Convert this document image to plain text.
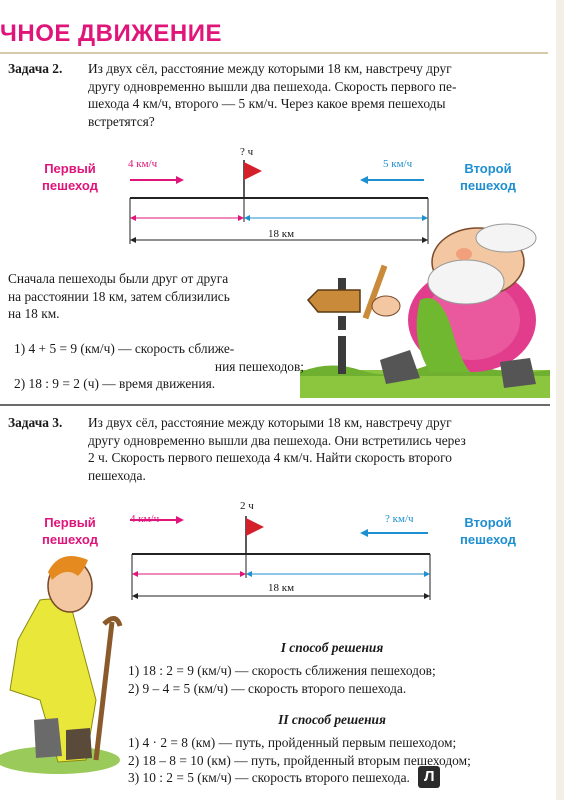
ЧНОЕ ДВИЖЕНИЕ
Задача 2. Из двух сёл, расстояние между которыми 18 км, навстречу друг
другу одновременно вышли два пешехода. Скорость первого пе-
шехода 4 км/ч, второго — 5 км/ч. Через какое время пешеходы
встретятся?
Первый
пешеход
Второй
пешеход
4 км/ч	5 км/ч
? ч
18 км
Л
Сначала пешеходы были друг от друга
на расстоянии 18 км, затем сблизились
на 18 км.
1) 4 + 5 = 9 (км/ч) — скорость сближе-
ния пешеходов;
2) 18 : 9 = 2 (ч) — время движения.
Задача 3. Из двух сёл, расстояние между которыми 18 км, навстречу друг
другу одновременно вышли два пешехода. Они встретились через
2 ч. Скорость первого пешехода 4 км/ч. Найти скорость второго
пешехода.
Первый
пешеход
Второй
пешеход
4 км/ч	? км/ч
2 ч
18 км
I способ решения
1) 18 : 2 = 9 (км/ч) — скорость сближения пешеходов;
2) 9 – 4 = 5 (км/ч) — скорость второго пешехода.
II способ решения
1) 4 · 2 = 8 (км) — путь, пройденный первым пешеходом;
2) 18 – 8 = 10 (км) — путь, пройденный вторым пешеходом;
3) 10 : 2 = 5 (км/ч) — скорость второго пешехода.
